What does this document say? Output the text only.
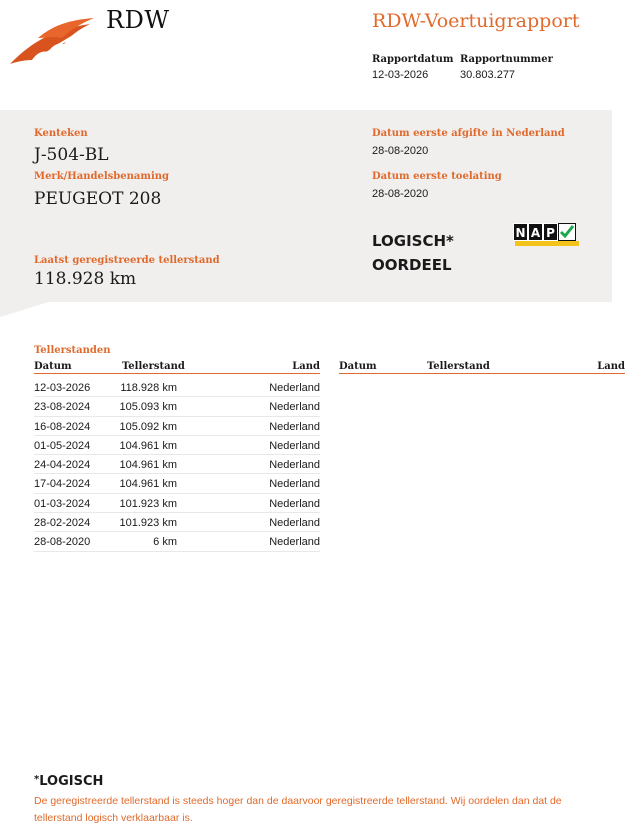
RDW	RDW-Voertuigrapport
Rapportdatum
12-03-2026
Rapportnummer
30.803.277
Kenteken
J-504-BL
Merk/Handelsbenaming
PEUGEOT 208
Laatst geregistreerde tellerstand
118.928 km
Datum eerste afgifte in Nederland
28-08-2020
Datum eerste toelating
28-08-2020
LOGISCH*
OORDEEL
N A P
Tellerstanden
Datum	Tellerstand	Land Datum	Tellerstand	Land
12-03-2026	118.928 km	Nederland
23-08-2024	105.093 km	Nederland
16-08-2024	105.092 km	Nederland
01-05-2024	104.961 km	Nederland
24-04-2024	104.961 km	Nederland
17-04-2024	104.961 km	Nederland
01-03-2024	101.923 km	Nederland
28-02-2024	101.923 km	Nederland
28-08-2020	6 km	Nederland
*LOGISCH
De geregistreerde tellerstand is steeds hoger dan de daarvoor geregistreerde tellerstand. Wij oordelen dan dat de tellerstand logisch verklaarbaar is.
